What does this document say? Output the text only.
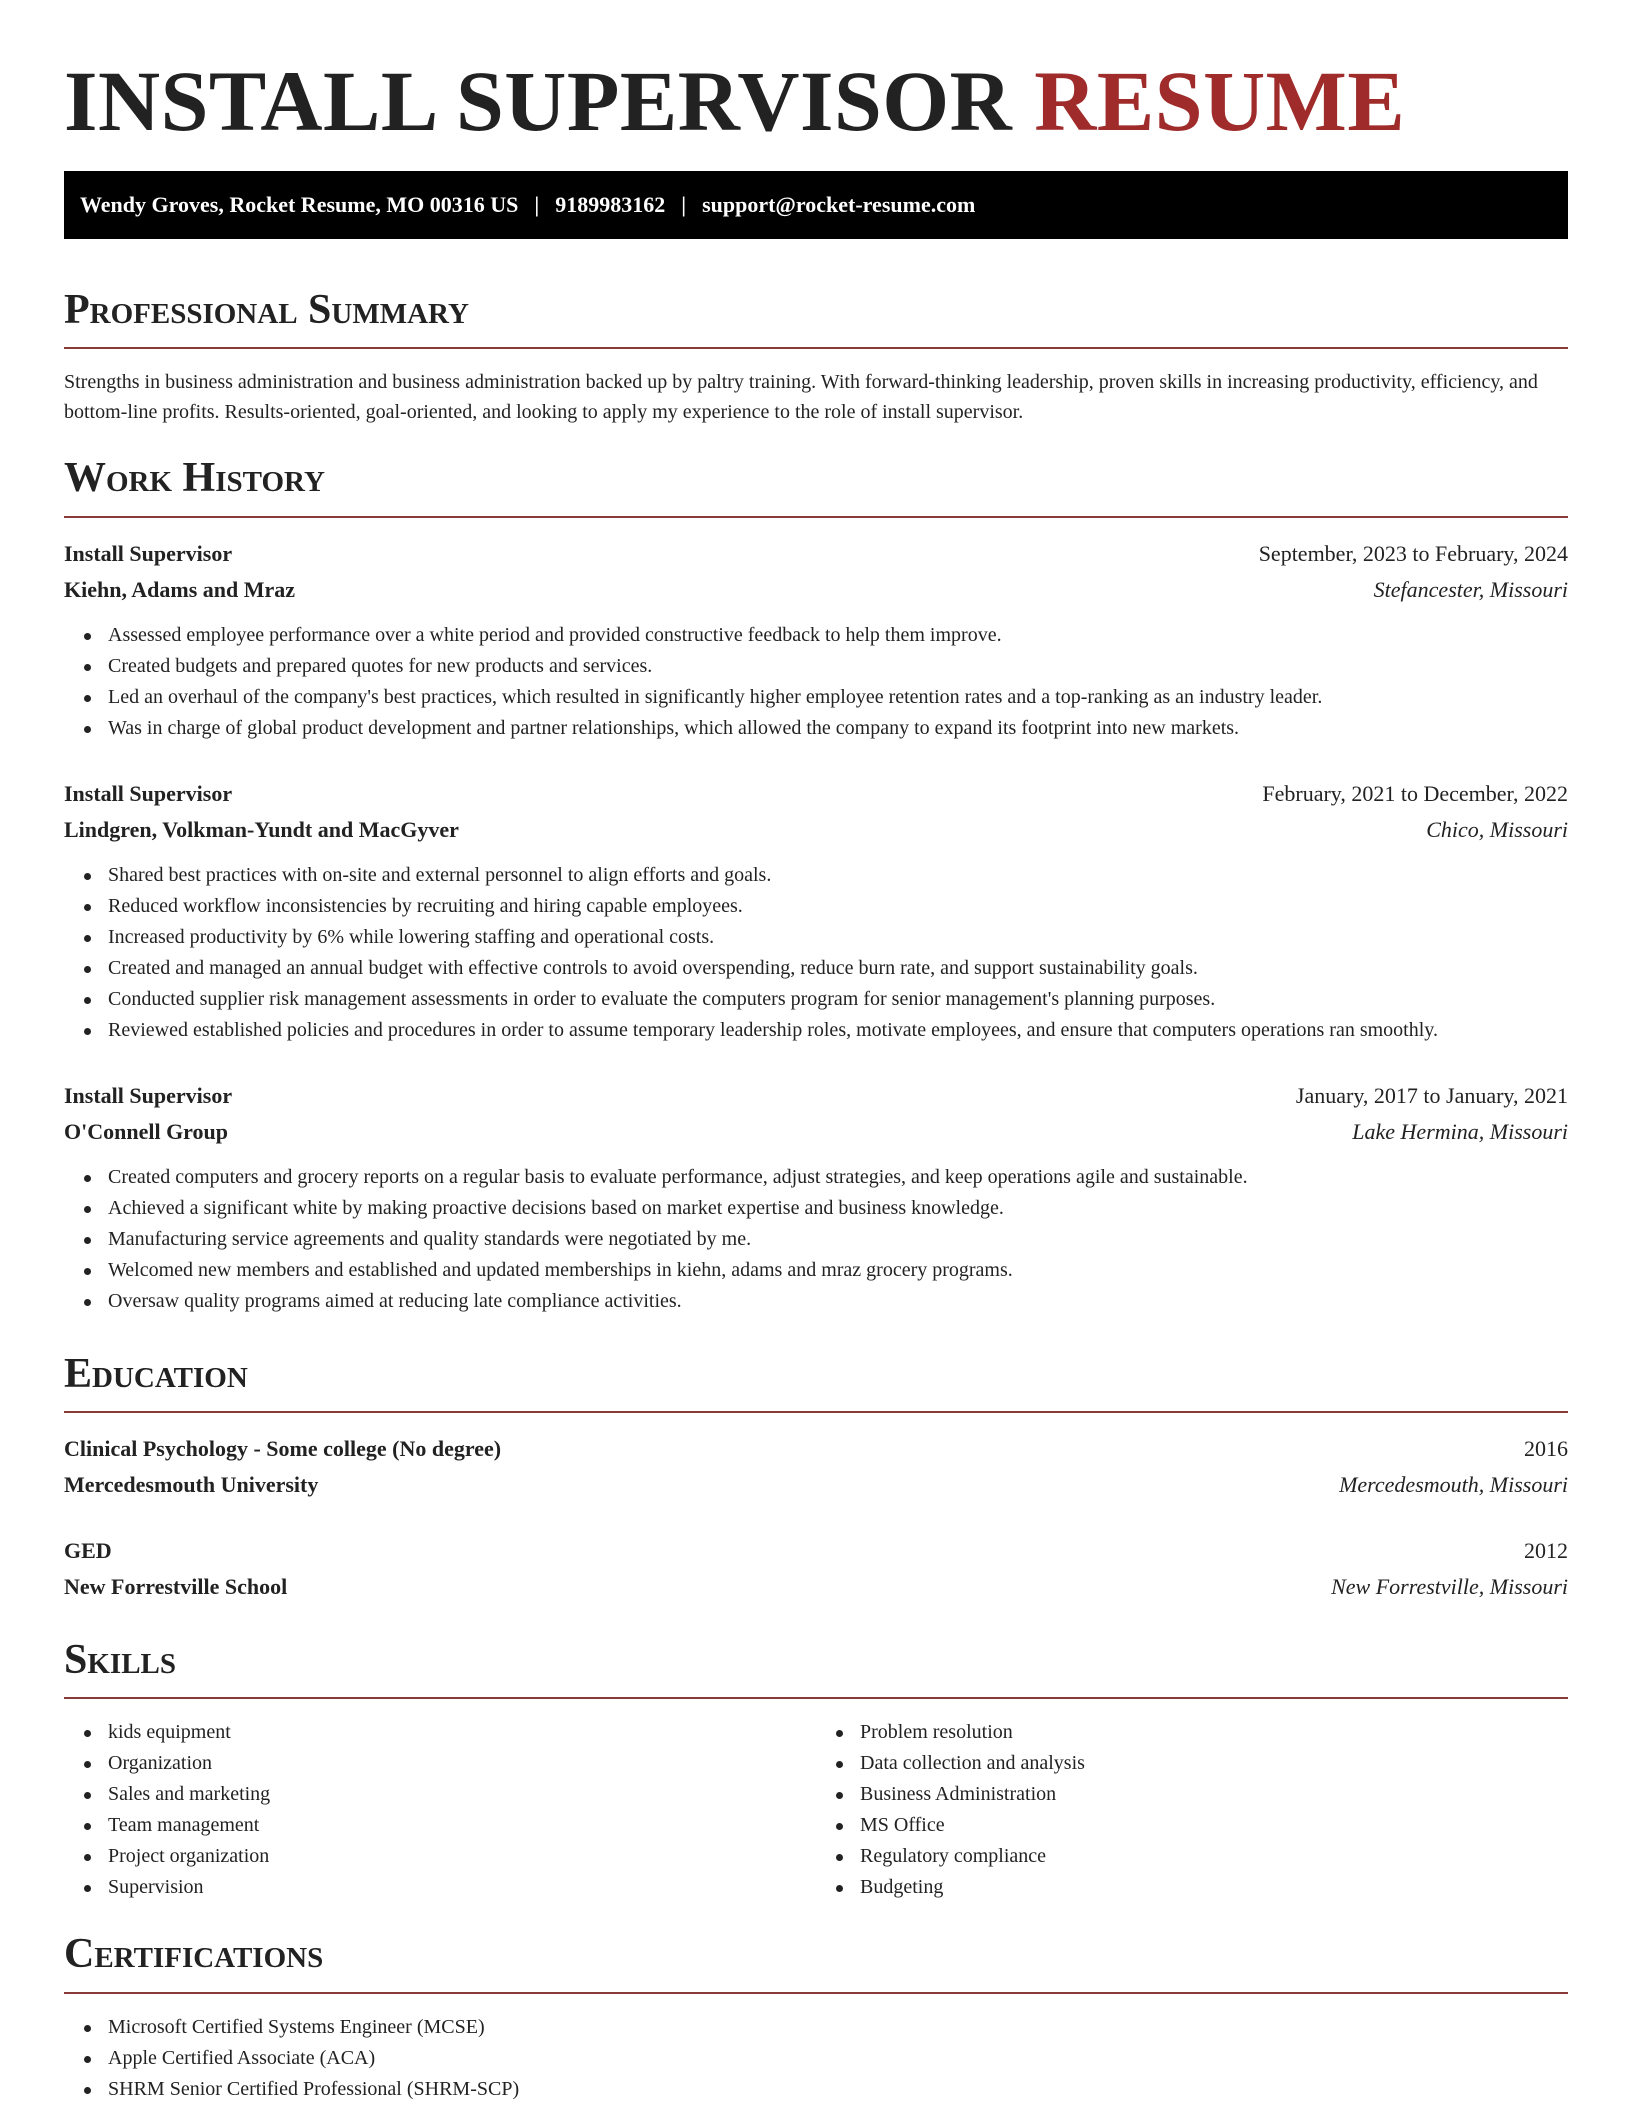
INSTALL SUPERVISOR RESUME
Wendy Groves, Rocket Resume, MO 00316 US | 9189983162 | support@rocket-resume.com
Professional Summary

Strengths in business administration and business administration backed up by paltry training. With forward-thinking leadership, proven skills in increasing productivity, efficiency, and bottom-line profits. Results-oriented, goal-oriented, and looking to apply my experience to the role of install supervisor.

Work History
Install Supervisor	September, 2023 to February, 2024
Kiehn, Adams and Mraz	Stefancester, Missouri
Assessed employee performance over a white period and provided constructive feedback to help them improve.
Created budgets and prepared quotes for new products and services.
Led an overhaul of the company's best practices, which resulted in significantly higher employee retention rates and a top-ranking as an industry leader.
Was in charge of global product development and partner relationships, which allowed the company to expand its footprint into new markets.
Install Supervisor	February, 2021 to December, 2022
Lindgren, Volkman-Yundt and MacGyver	Chico, Missouri
Shared best practices with on-site and external personnel to align efforts and goals.
Reduced workflow inconsistencies by recruiting and hiring capable employees.
Increased productivity by 6% while lowering staffing and operational costs.
Created and managed an annual budget with effective controls to avoid overspending, reduce burn rate, and support sustainability goals.
Conducted supplier risk management assessments in order to evaluate the computers program for senior management's planning purposes.
Reviewed established policies and procedures in order to assume temporary leadership roles, motivate employees, and ensure that computers operations ran smoothly.
Install Supervisor	January, 2017 to January, 2021
O'Connell Group	Lake Hermina, Missouri
Created computers and grocery reports on a regular basis to evaluate performance, adjust strategies, and keep operations agile and sustainable.
Achieved a significant white by making proactive decisions based on market expertise and business knowledge.
Manufacturing service agreements and quality standards were negotiated by me.
Welcomed new members and established and updated memberships in kiehn, adams and mraz grocery programs.
Oversaw quality programs aimed at reducing late compliance activities.
Education
Clinical Psychology - Some college (No degree)	2016
Mercedesmouth University	Mercedesmouth, Missouri
GED	2012
New Forrestville School	New Forrestville, Missouri
Skills
kids equipment
Organization
Sales and marketing
Team management
Project organization
Supervision
Problem resolution
Data collection and analysis
Business Administration
MS Office
Regulatory compliance
Budgeting
Certifications
Microsoft Certified Systems Engineer (MCSE)
Apple Certified Associate (ACA)
SHRM Senior Certified Professional (SHRM-SCP)
